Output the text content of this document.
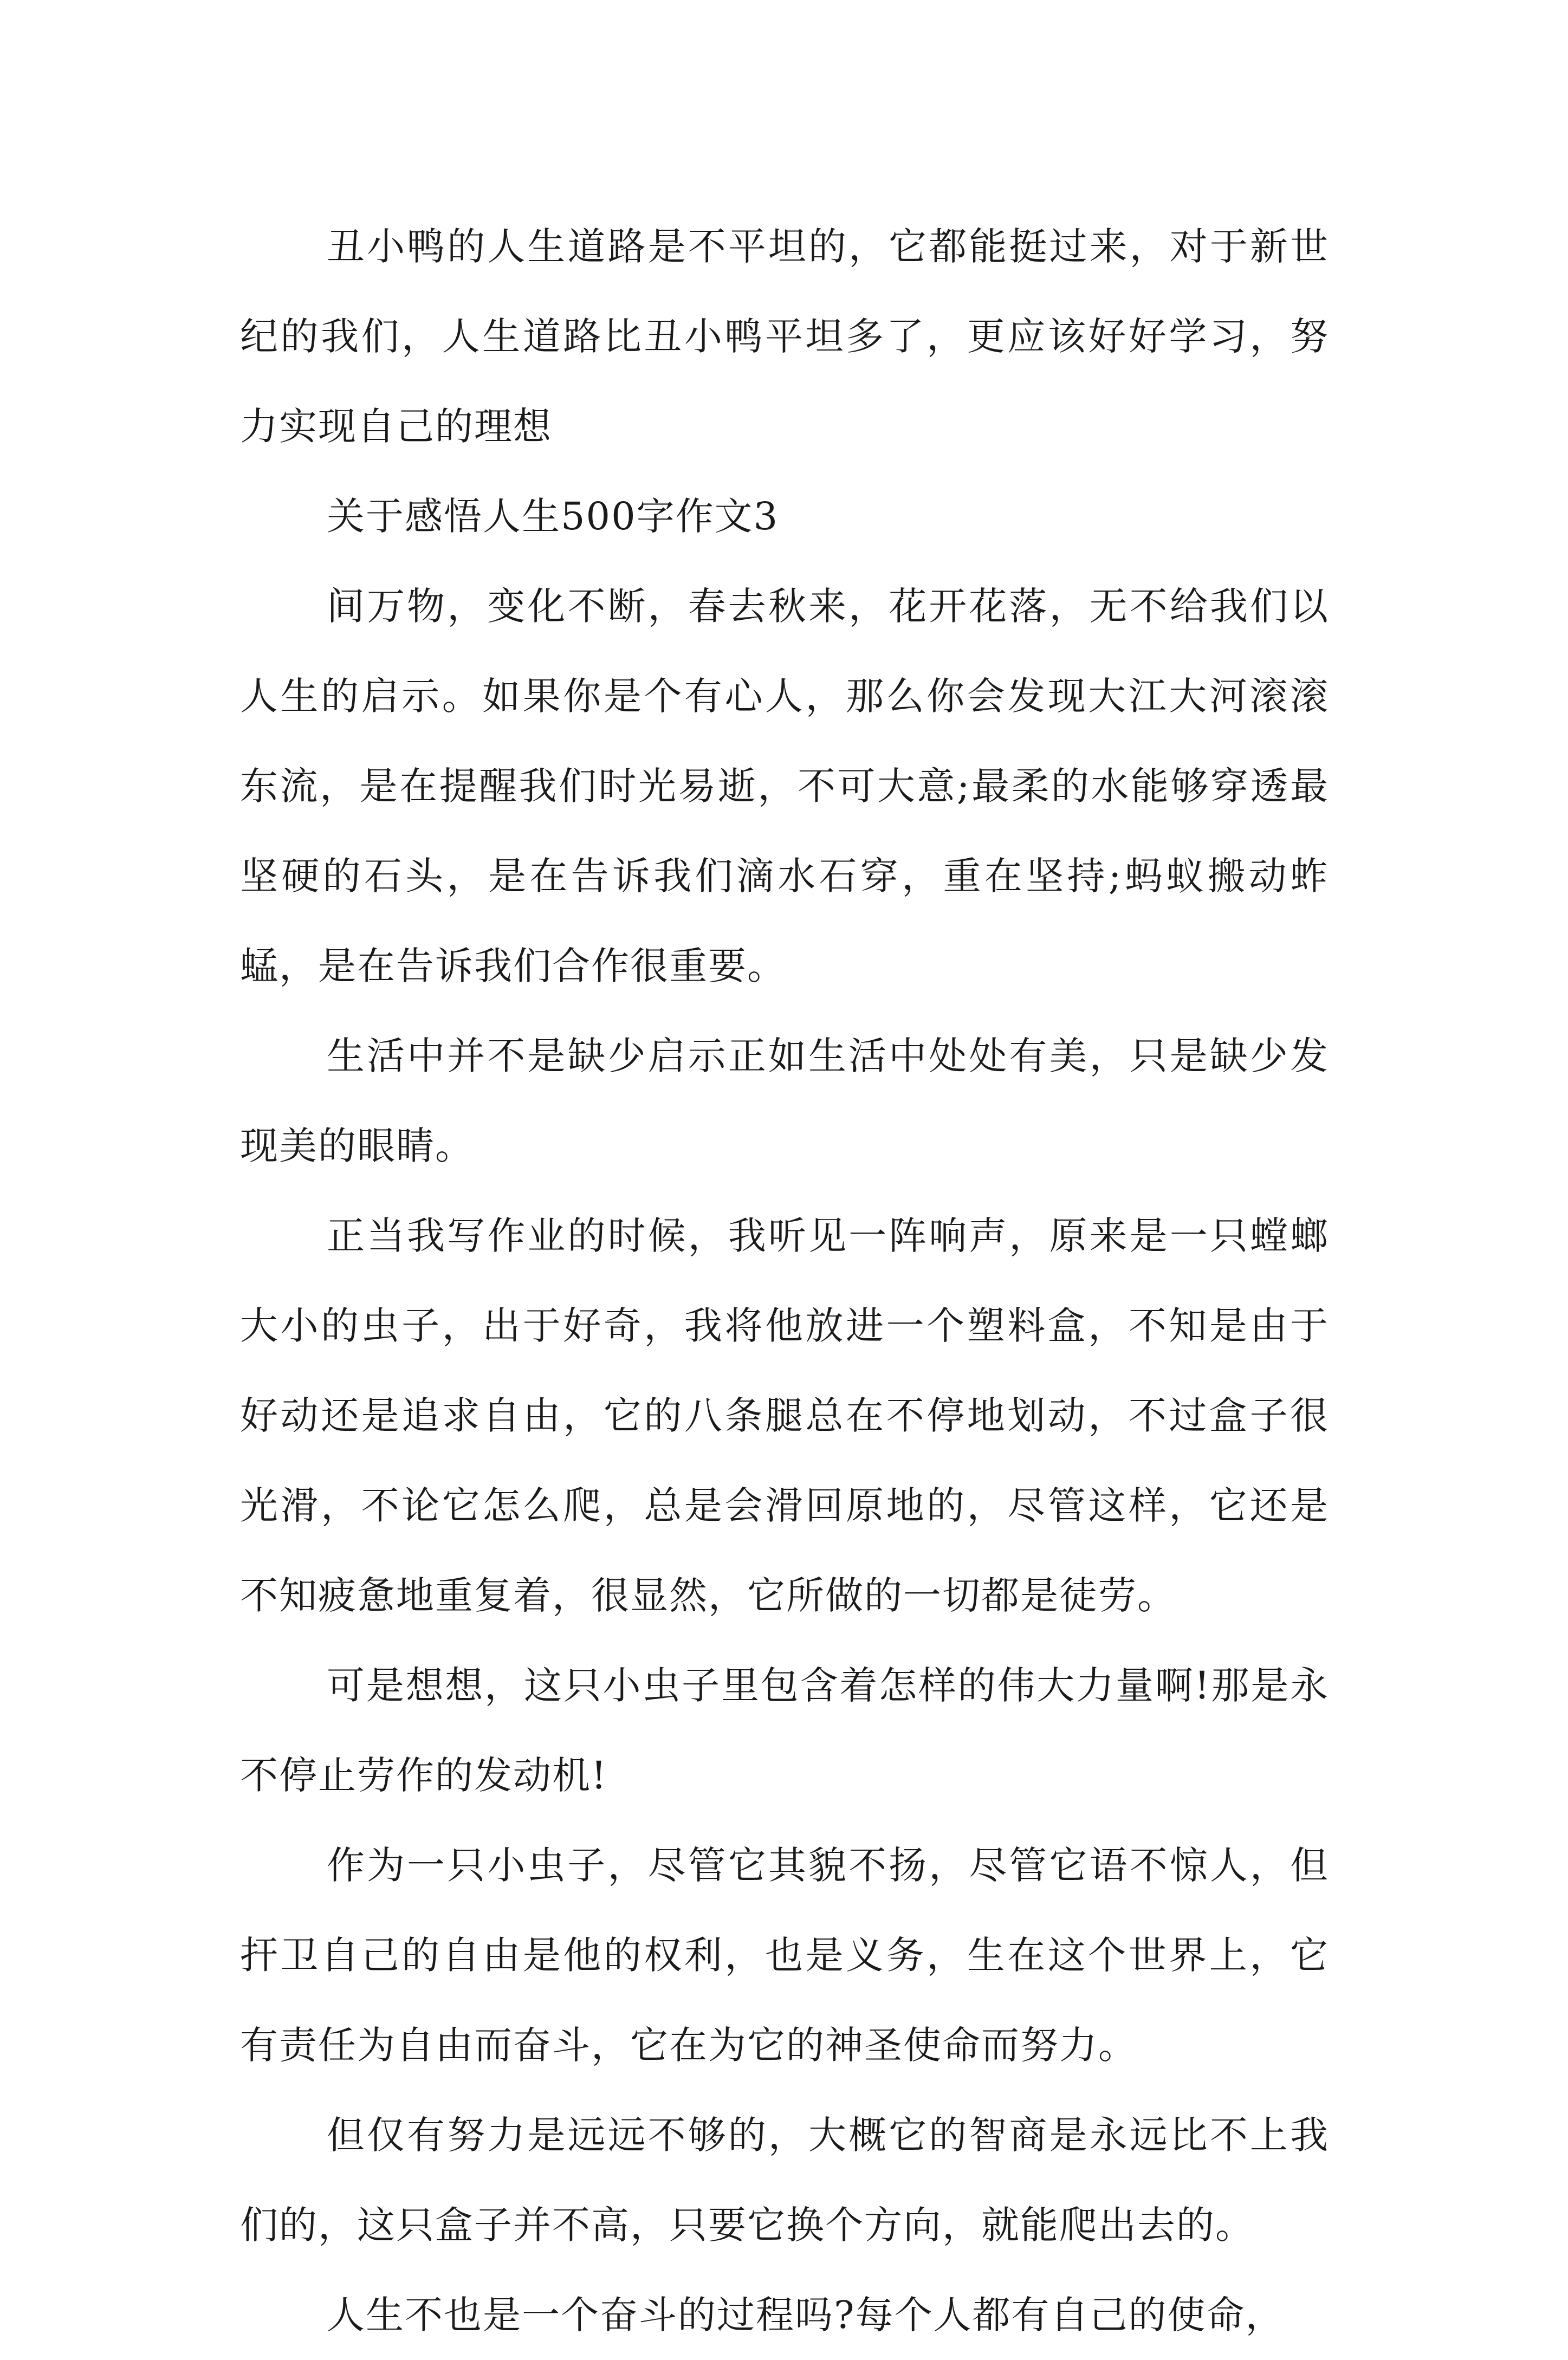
丑小鸭的人生道路是不平坦的，它都能挺过来，对于新世纪的我们，人生道路比丑小鸭平坦多了，更应该好好学习，努力实现自己的理想

关于感悟人生500字作文3

间万物，变化不断，春去秋来，花开花落，无不给我们以人生的启示。如果你是个有心人，那么你会发现大江大河滚滚东流，是在提醒我们时光易逝，不可大意;最柔的水能够穿透最坚硬的石头，是在告诉我们滴水石穿，重在坚持;蚂蚁搬动蚱蜢，是在告诉我们合作很重要。

生活中并不是缺少启示正如生活中处处有美，只是缺少发现美的眼睛。

正当我写作业的时候，我听见一阵响声，原来是一只螳螂大小的虫子，出于好奇，我将他放进一个塑料盒，不知是由于好动还是追求自由，它的八条腿总在不停地划动，不过盒子很光滑，不论它怎么爬，总是会滑回原地的，尽管这样，它还是不知疲惫地重复着，很显然，它所做的一切都是徒劳。

可是想想，这只小虫子里包含着怎样的伟大力量啊!那是永不停止劳作的发动机!

作为一只小虫子，尽管它其貌不扬，尽管它语不惊人，但扞卫自己的自由是他的权利，也是义务，生在这个世界上，它有责任为自由而奋斗，它在为它的神圣使命而努力。

但仅有努力是远远不够的，大概它的智商是永远比不上我们的，这只盒子并不高，只要它换个方向，就能爬出去的。

人生不也是一个奋斗的过程吗?每个人都有自己的使命，
